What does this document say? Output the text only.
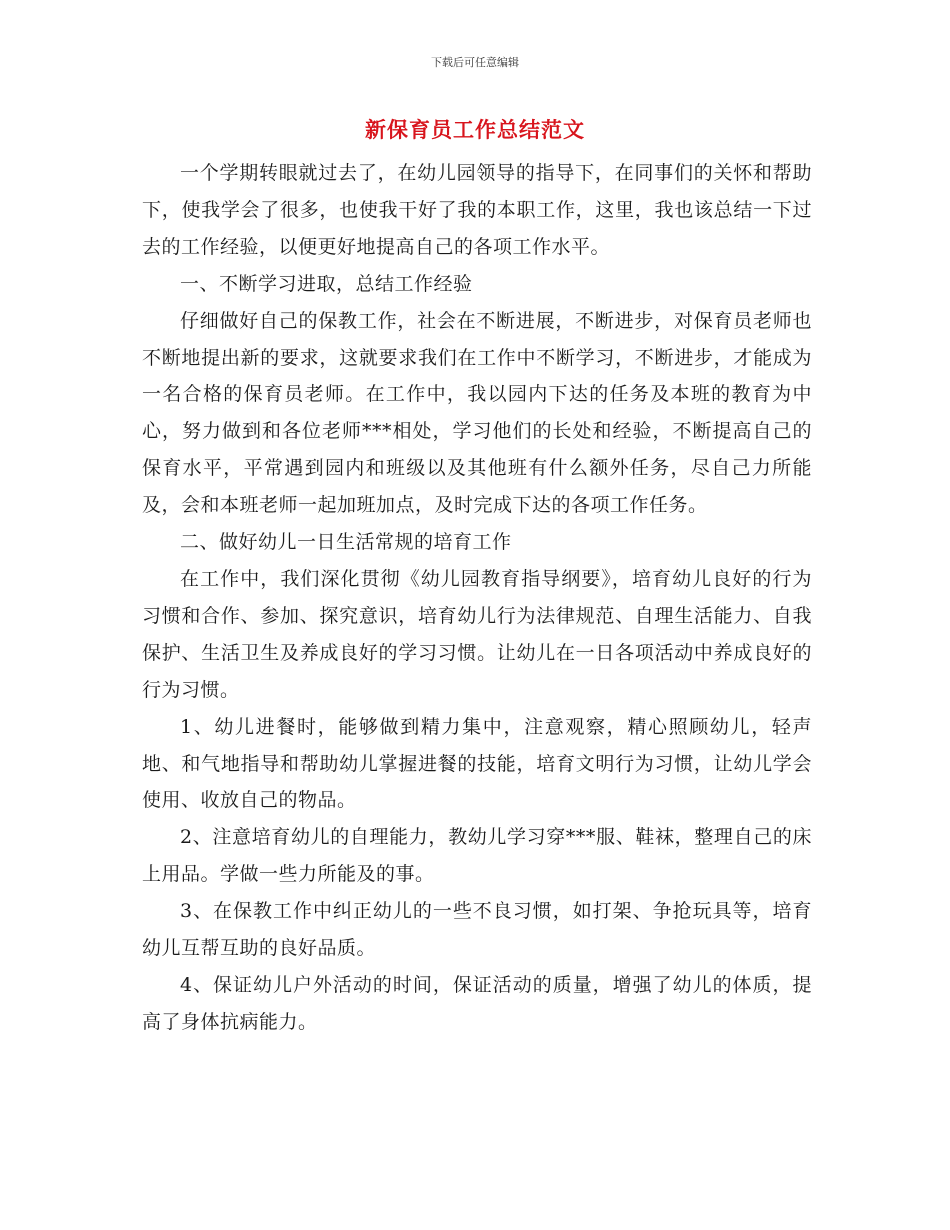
下载后可任意编辑
新保育员工作总结范文

一个学期转眼就过去了，在幼儿园领导的指导下，在同事们的关怀和帮助下，使我学会了很多，也使我干好了我的本职工作，这里，我也该总结一下过去的工作经验，以便更好地提高自己的各项工作水平。

一、不断学习进取，总结工作经验

仔细做好自己的保教工作，社会在不断进展，不断进步，对保育员老师也不断地提出新的要求，这就要求我们在工作中不断学习，不断进步，才能成为一名合格的保育员老师。在工作中，我以园内下达的任务及本班的教育为中心，努力做到和各位老师***相处，学习他们的长处和经验，不断提高自己的保育水平，平常遇到园内和班级以及其他班有什么额外任务，尽自己力所能及，会和本班老师一起加班加点，及时完成下达的各项工作任务。

二、做好幼儿一日生活常规的培育工作

在工作中，我们深化贯彻《幼儿园教育指导纲要》，培育幼儿良好的行为习惯和合作、参加、探究意识，培育幼儿行为法律规范、自理生活能力、自我保护、生活卫生及养成良好的学习习惯。让幼儿在一日各项活动中养成良好的行为习惯。

1、幼儿进餐时，能够做到精力集中，注意观察，精心照顾幼儿，轻声地、和气地指导和帮助幼儿掌握进餐的技能，培育文明行为习惯，让幼儿学会使用、收放自己的物品。

2、注意培育幼儿的自理能力，教幼儿学习穿***服、鞋袜，整理自己的床上用品。学做一些力所能及的事。

3、在保教工作中纠正幼儿的一些不良习惯，如打架、争抢玩具等，培育幼儿互帮互助的良好品质。

4、保证幼儿户外活动的时间，保证活动的质量，增强了幼儿的体质，提高了身体抗病能力。
